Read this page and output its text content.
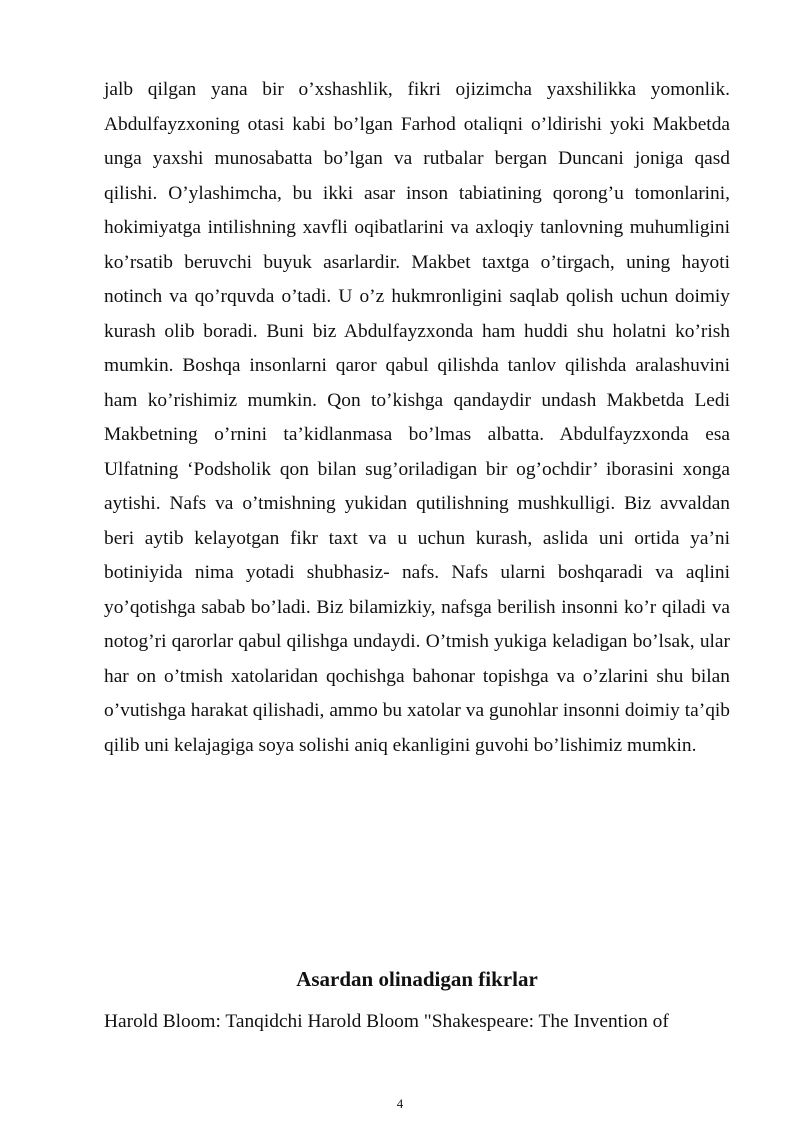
jalb qilgan yana bir o’xshashlik, fikri ojizimcha yaxshilikka yomonlik. Abdulfayzxoning otasi kabi bo’lgan Farhod otaliqni o’ldirishi yoki Makbetda unga yaxshi munosabatta bo’lgan va rutbalar bergan Duncani joniga qasd qilishi. O’ylashimcha, bu ikki asar inson tabiatining qorong’u tomonlarini, hokimiyatga intilishning xavfli oqibatlarini va axloqiy tanlovning muhumligini ko’rsatib beruvchi buyuk asarlardir. Makbet taxtga o’tirgach, uning hayoti notinch va qo’rquvda o’tadi. U o’z hukmronligini saqlab qolish uchun doimiy kurash olib boradi. Buni biz Abdulfayzxonda ham huddi shu holatni ko’rish mumkin. Boshqa insonlarni qaror qabul qilishda tanlov qilishda aralashuvini ham ko’rishimiz mumkin. Qon to’kishga qandaydir undash Makbetda Ledi Makbetning o’rnini ta’kidlanmasa bo’lmas albatta. Abdulfayzxonda esa Ulfatning ‘Podsholik qon bilan sug’oriladigan bir og’ochdir’ iborasini xonga aytishi. Nafs va o’tmishning yukidan qutilishning mushkulligi. Biz avvaldan beri aytib kelayotgan fikr taxt va u uchun kurash, aslida uni ortida ya’ni botiniyida nima yotadi shubhasiz- nafs. Nafs ularni boshqaradi va aqlini yo’qotishga sabab bo’ladi. Biz bilamizkiy, nafsga berilish insonni ko’r qiladi va notog’ri qarorlar qabul qilishga undaydi. O’tmish yukiga keladigan bo’lsak, ular har on o’tmish xatolaridan qochishga bahonar topishga va o’zlarini shu bilan o’vutishga harakat qilishadi, ammo bu xatolar va gunohlar insonni doimiy ta’qib qilib uni kelajagiga soya solishi aniq ekanligini guvohi bo’lishimiz mumkin.

Asardan olinadigan fikrlar

Harold Bloom: Tanqidchi Harold Bloom "Shakespeare: The Invention of

4
